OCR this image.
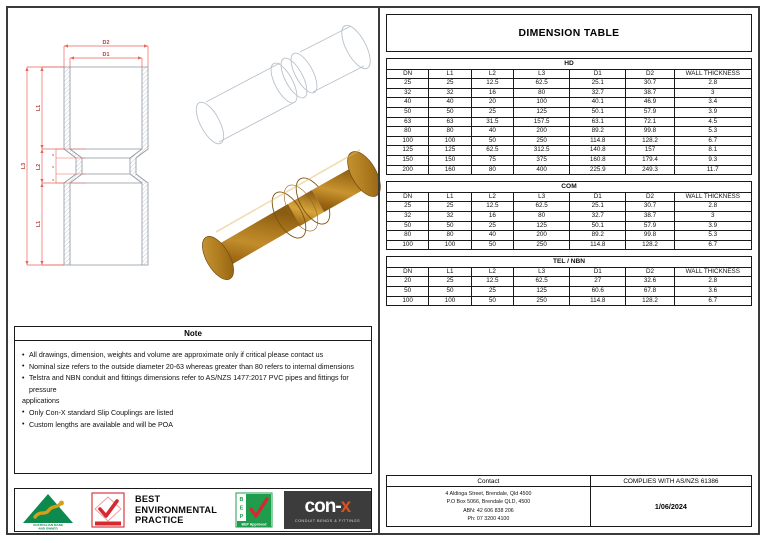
D2
D1
L3
L1
L2
a
a
a
L1
Note
• All drawings, dimension, weights and volume are approximate only if critical please contact us
• Nominal size refers to the outside diameter 20-63 whereas greater than 80 refers to internal dimensions
• Telstra and NBN conduit and fittings dimensions refer to AS/NZS 1477:2017 PVC pipes and fittings for pressure
applications
• Only Con-X standard Slip Couplings are listed
• Custom lengths are available and will be POA
AUSTRALIAN MADE
AND OWNED
BEST
ENVIRONMENTAL
PRACTICE
B
E
P
BEP Approved
con-x
CONDUIT BENDS & FITTINGS
DIMENSION TABLE
HD						
DN	L1	L2	L3	D1	D2	WALL THICKNESS
25	25	12.5	62.5	25.1	30.7	2.8
32	32	16	80	32.7	38.7	3
40	40	20	100	40.1	46.9	3.4
50	50	25	125	50.1	57.9	3.9
63	63	31.5	157.5	63.1	72.1	4.5
80	80	40	200	89.2	99.8	5.3
100	100	50	250	114.8	128.2	6.7
125	125	62.5	312.5	140.8	157	8.1
150	150	75	375	160.8	179.4	9.3
200	160	80	400	225.9	249.3	11.7
COM						
DN	L1	L2	L3	D1	D2	WALL THICKNESS
25	25	12.5	62.5	25.1	30.7	2.8
32	32	16	80	32.7	38.7	3
50	50	25	125	50.1	57.9	3.9
80	80	40	200	89.2	99.8	5.3
100	100	50	250	114.8	128.2	6.7
TEL / NBN						
DN	L1	L2	L3	D1	D2	WALL THICKNESS
20	25	12.5	62.5	27	32.6	2.8
50	50	25	125	60.6	67.8	3.6
100	100	50	250	114.8	128.2	6.7
Contact	COMPLIES WITH AS/NZS 61386
4 Aldinga Street, Brendale, Qld 4500
P.O Box 5066, Brendale QLD, 4500
ABN: 42 606 838 206
Ph: 07 3200 4100
1/06/2024
